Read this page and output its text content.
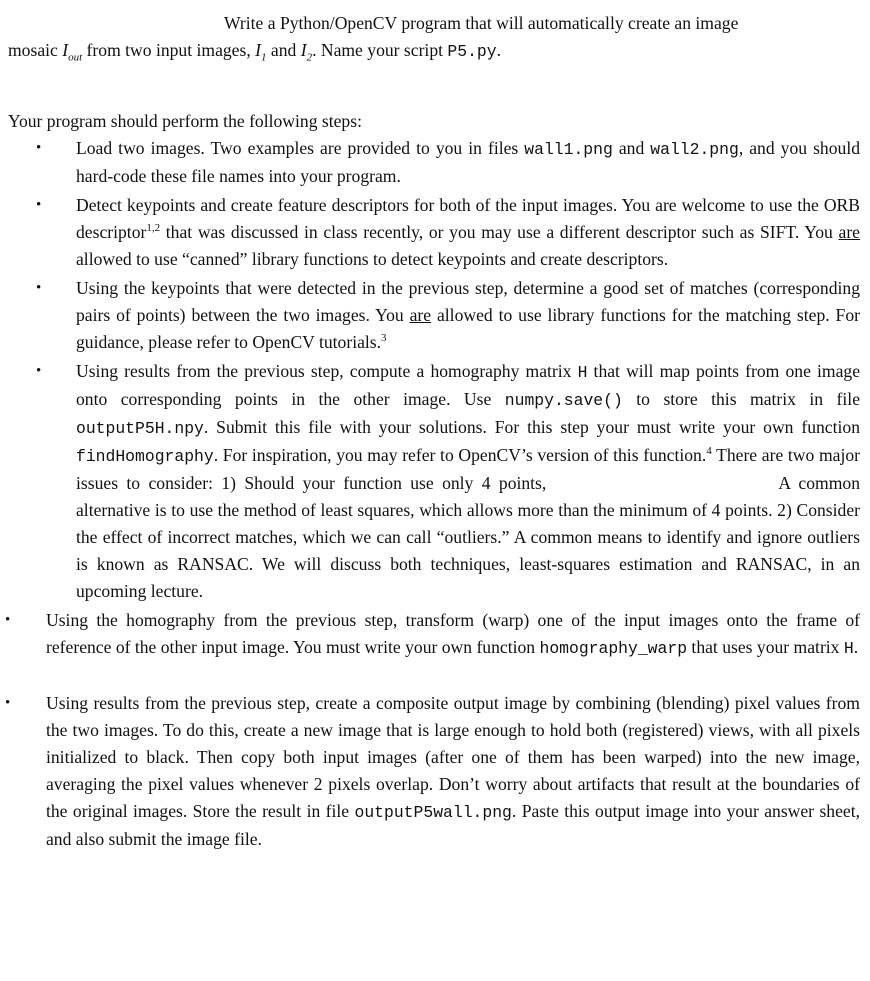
Write a Python/OpenCV program that will automatically create an image
mosaic $I_{out}$ from two input images, $I_1$ and $I_2$. Name your script P5.py.
Your program should perform the following steps:
• Load two images. Two examples are provided to you in files wall1.png and wall2.png, and you should hard-code these file names into your program.
• Detect keypoints and create feature descriptors for both of the input images. You are welcome to use the ORB descriptor$^{1,2}$ that was discussed in class recently, or you may use a different descriptor such as SIFT. You are allowed to use “canned” library functions to detect keypoints and create descriptors.
• Using the keypoints that were detected in the previous step, determine a good set of matches (corresponding pairs of points) between the two images. You are allowed to use library functions for the matching step. For guidance, please refer to OpenCV tutorials.$^3$
• Using results from the previous step, compute a homography matrix H that will map points from one image onto corresponding points in the other image. Use numpy.save() to store this matrix in file outputP5H.npy. Submit this file with your solutions. For this step your must write your own function findHomography. For inspiration, you may refer to OpenCV’s version of this function.$^4$ There are two major issues to consider: 1) Should your function use only 4 points,	A common alternative is to use the method of least squares, which allows more than the minimum of 4 points. 2) Consider the effect of incorrect matches, which we can call “outliers.” A common means to identify and ignore outliers is known as RANSAC. We will discuss both techniques, least-squares estimation and RANSAC, in an upcoming lecture.
• Using the homography from the previous step, transform (warp) one of the input images onto the frame of reference of the other input image. You must write your own function homography_warp that uses your matrix H.
• Using results from the previous step, create a composite output image by combining (blending) pixel values from the two images. To do this, create a new image that is large enough to hold both (registered) views, with all pixels initialized to black. Then copy both input images (after one of them has been warped) into the new image, averaging the pixel values whenever 2 pixels overlap. Don’t worry about artifacts that result at the boundaries of the original images. Store the result in file outputP5wall.png. Paste this output image into your answer sheet, and also submit the image file.
